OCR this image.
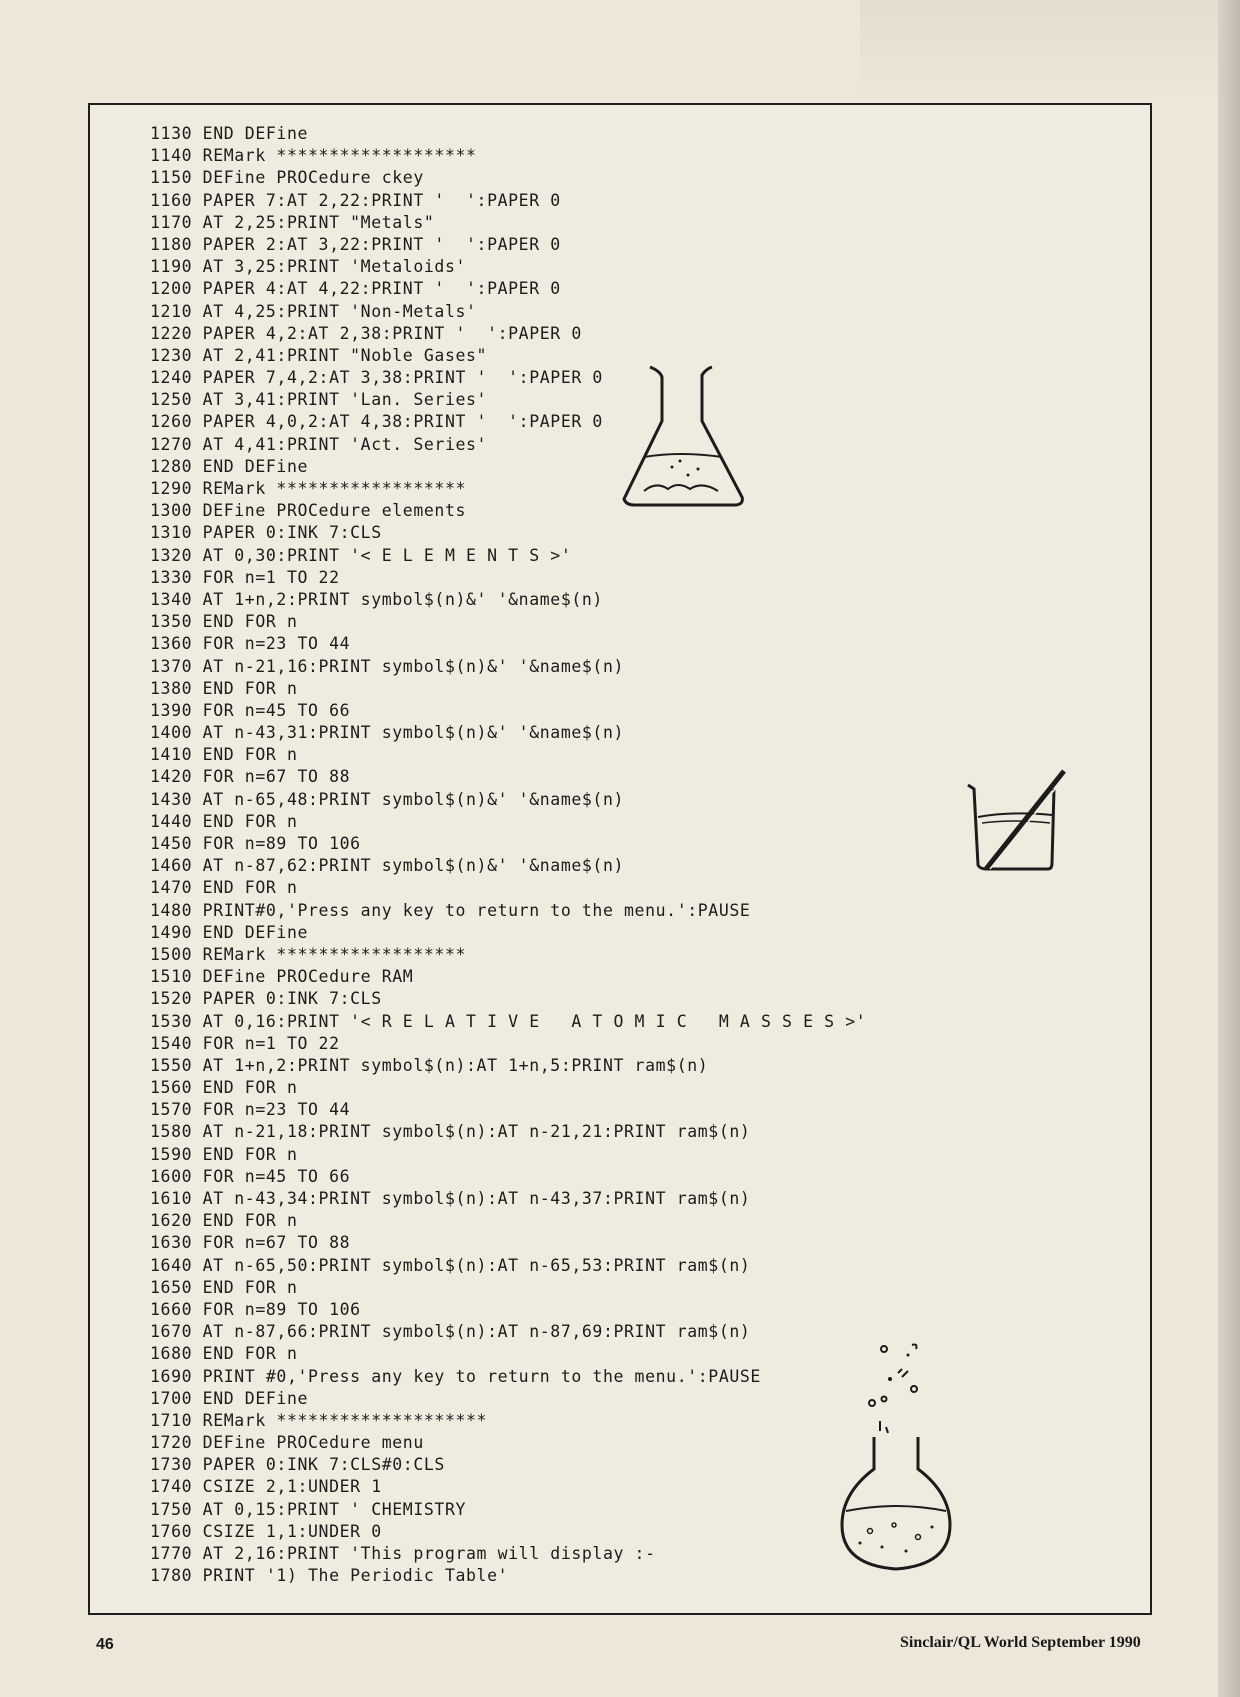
1130 END DEFine
1140 REMark *******************
1150 DEFine PROCedure ckey
1160 PAPER 7:AT 2,22:PRINT '  ':PAPER 0
1170 AT 2,25:PRINT "Metals"
1180 PAPER 2:AT 3,22:PRINT '  ':PAPER 0
1190 AT 3,25:PRINT 'Metaloids'
1200 PAPER 4:AT 4,22:PRINT '  ':PAPER 0
1210 AT 4,25:PRINT 'Non-Metals'
1220 PAPER 4,2:AT 2,38:PRINT '  ':PAPER 0
1230 AT 2,41:PRINT "Noble Gases"
1240 PAPER 7,4,2:AT 3,38:PRINT '  ':PAPER 0
1250 AT 3,41:PRINT 'Lan. Series'
1260 PAPER 4,0,2:AT 4,38:PRINT '  ':PAPER 0
1270 AT 4,41:PRINT 'Act. Series'
1280 END DEFine
1290 REMark ******************
1300 DEFine PROCedure elements
1310 PAPER 0:INK 7:CLS
1320 AT 0,30:PRINT '< E L E M E N T S >'
1330 FOR n=1 TO 22
1340 AT 1+n,2:PRINT symbol$(n)&' '&name$(n)
1350 END FOR n
1360 FOR n=23 TO 44
1370 AT n-21,16:PRINT symbol$(n)&' '&name$(n)
1380 END FOR n
1390 FOR n=45 TO 66
1400 AT n-43,31:PRINT symbol$(n)&' '&name$(n)
1410 END FOR n
1420 FOR n=67 TO 88
1430 AT n-65,48:PRINT symbol$(n)&' '&name$(n)
1440 END FOR n
1450 FOR n=89 TO 106
1460 AT n-87,62:PRINT symbol$(n)&' '&name$(n)
1470 END FOR n
1480 PRINT#0,'Press any key to return to the menu.':PAUSE
1490 END DEFine
1500 REMark ******************
1510 DEFine PROCedure RAM
1520 PAPER 0:INK 7:CLS
1530 AT 0,16:PRINT '< R E L A T I V E   A T O M I C   M A S S E S >'
1540 FOR n=1 TO 22
1550 AT 1+n,2:PRINT symbol$(n):AT 1+n,5:PRINT ram$(n)
1560 END FOR n
1570 FOR n=23 TO 44
1580 AT n-21,18:PRINT symbol$(n):AT n-21,21:PRINT ram$(n)
1590 END FOR n
1600 FOR n=45 TO 66
1610 AT n-43,34:PRINT symbol$(n):AT n-43,37:PRINT ram$(n)
1620 END FOR n
1630 FOR n=67 TO 88
1640 AT n-65,50:PRINT symbol$(n):AT n-65,53:PRINT ram$(n)
1650 END FOR n
1660 FOR n=89 TO 106
1670 AT n-87,66:PRINT symbol$(n):AT n-87,69:PRINT ram$(n)
1680 END FOR n
1690 PRINT #0,'Press any key to return to the menu.':PAUSE
1700 END DEFine
1710 REMark ********************
1720 DEFine PROCedure menu
1730 PAPER 0:INK 7:CLS#0:CLS
1740 CSIZE 2,1:UNDER 1
1750 AT 0,15:PRINT ' CHEMISTRY
1760 CSIZE 1,1:UNDER 0
1770 AT 2,16:PRINT 'This program will display :-
1780 PRINT '1) The Periodic Table'
46	Sinclair/QL World September 1990
